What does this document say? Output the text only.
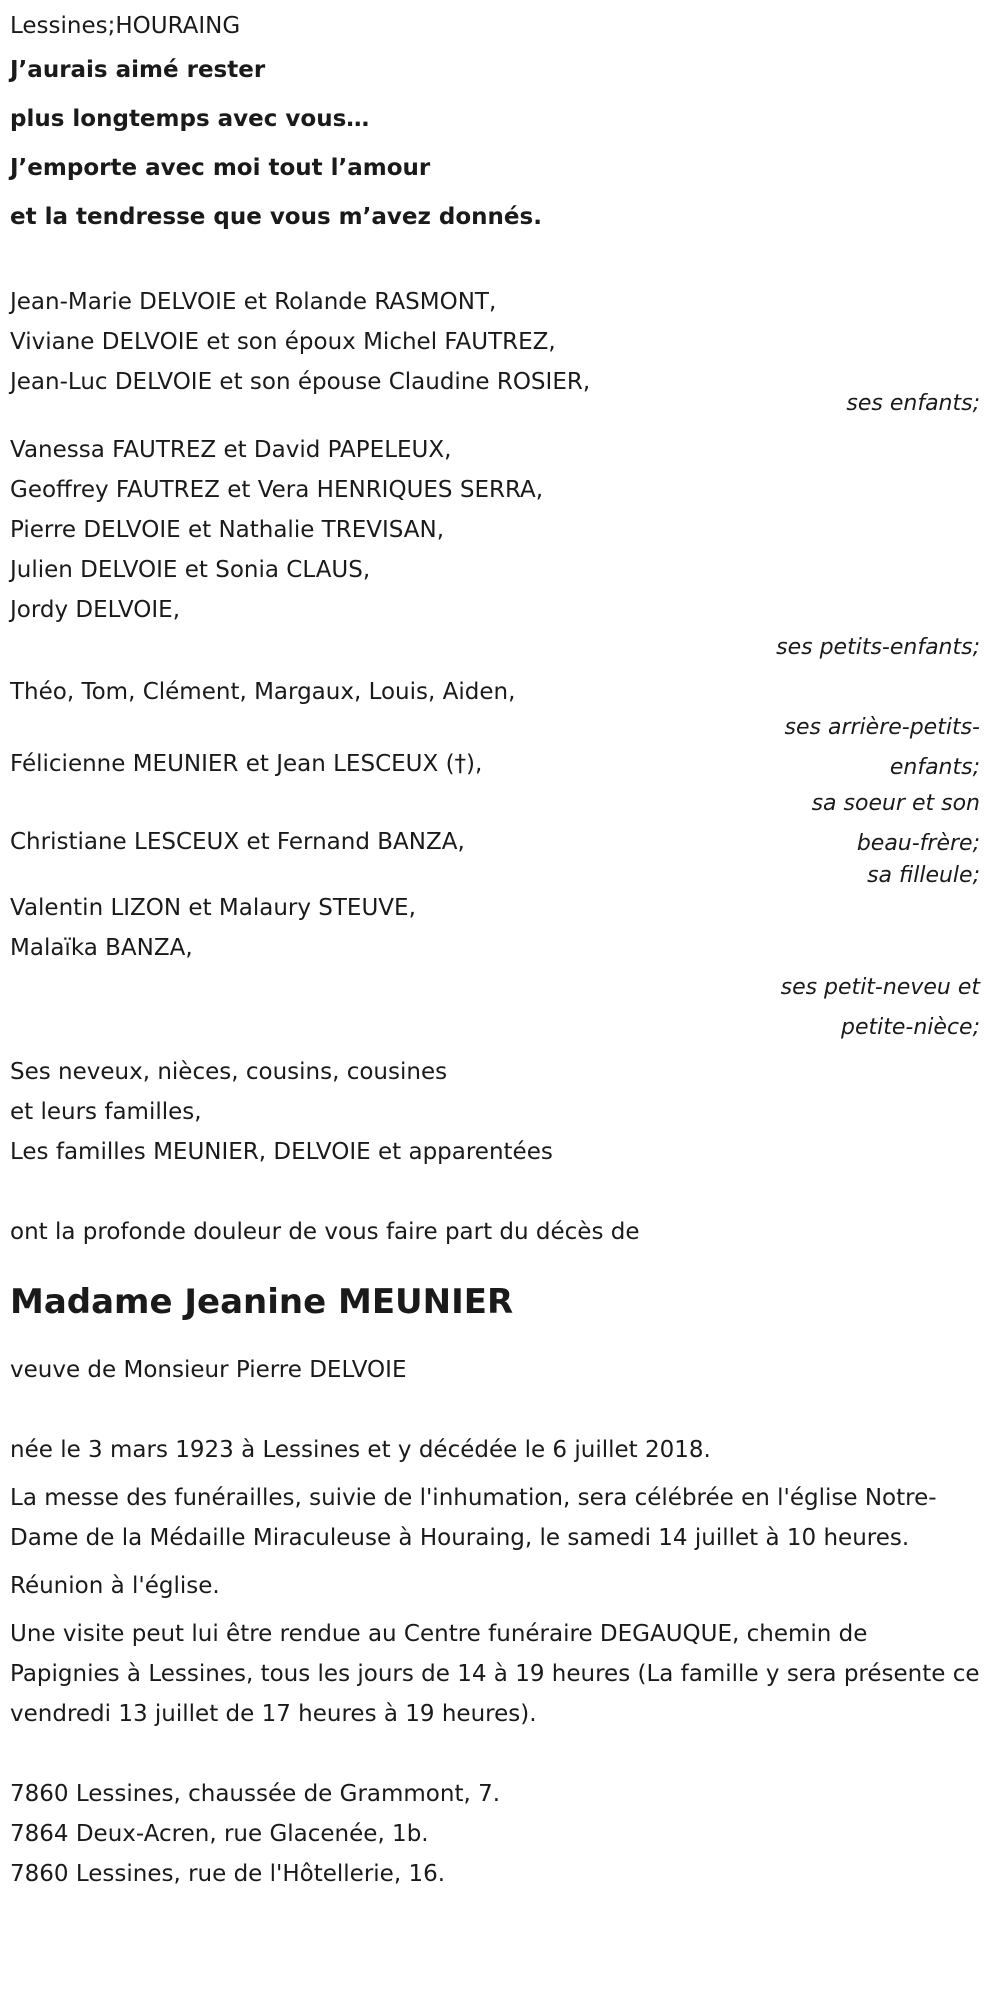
Lessines;HOURAING
J’aurais aimé rester
plus longtemps avec vous…
J’emporte avec moi tout l’amour
et la tendresse que vous m’avez donnés.
Jean-Marie DELVOIE et Rolande RASMONT,
Viviane DELVOIE et son époux Michel FAUTREZ,
Jean-Luc DELVOIE et son épouse Claudine ROSIER,
ses enfants;
Vanessa FAUTREZ et David PAPELEUX,
Geoffrey FAUTREZ et Vera HENRIQUES SERRA,
Pierre DELVOIE et Nathalie TREVISAN,
Julien DELVOIE et Sonia CLAUS,
Jordy DELVOIE,
ses petits-enfants;
Théo, Tom, Clément, Margaux, Louis, Aiden,
ses arrière-petits-enfants;
Félicienne MEUNIER et Jean LESCEUX (†),
sa soeur et son beau-frère;
Christiane LESCEUX et Fernand BANZA,
sa filleule;
Valentin LIZON et Malaury STEUVE,
Malaïka BANZA,
ses petit-neveu et petite-nièce;
Ses neveux, nièces, cousins, cousines
et leurs familles,
Les familles MEUNIER, DELVOIE et apparentées
ont la profonde douleur de vous faire part du décès de
Madame Jeanine MEUNIER
veuve de Monsieur Pierre DELVOIE
née le 3 mars 1923 à Lessines et y décédée le 6 juillet 2018.
La messe des funérailles, suivie de l'inhumation, sera célébrée en l'église Notre-Dame de la Médaille Miraculeuse à Houraing, le samedi 14 juillet à 10 heures.
Réunion à l'église.
Une visite peut lui être rendue au Centre funéraire DEGAUQUE, chemin de Papignies à Lessines, tous les jours de 14 à 19 heures (La famille y sera présente ce vendredi 13 juillet de 17 heures à 19 heures).
7860 Lessines, chaussée de Grammont, 7.
7864 Deux-Acren, rue Glacenée, 1b.
7860 Lessines, rue de l'Hôtellerie, 16.
